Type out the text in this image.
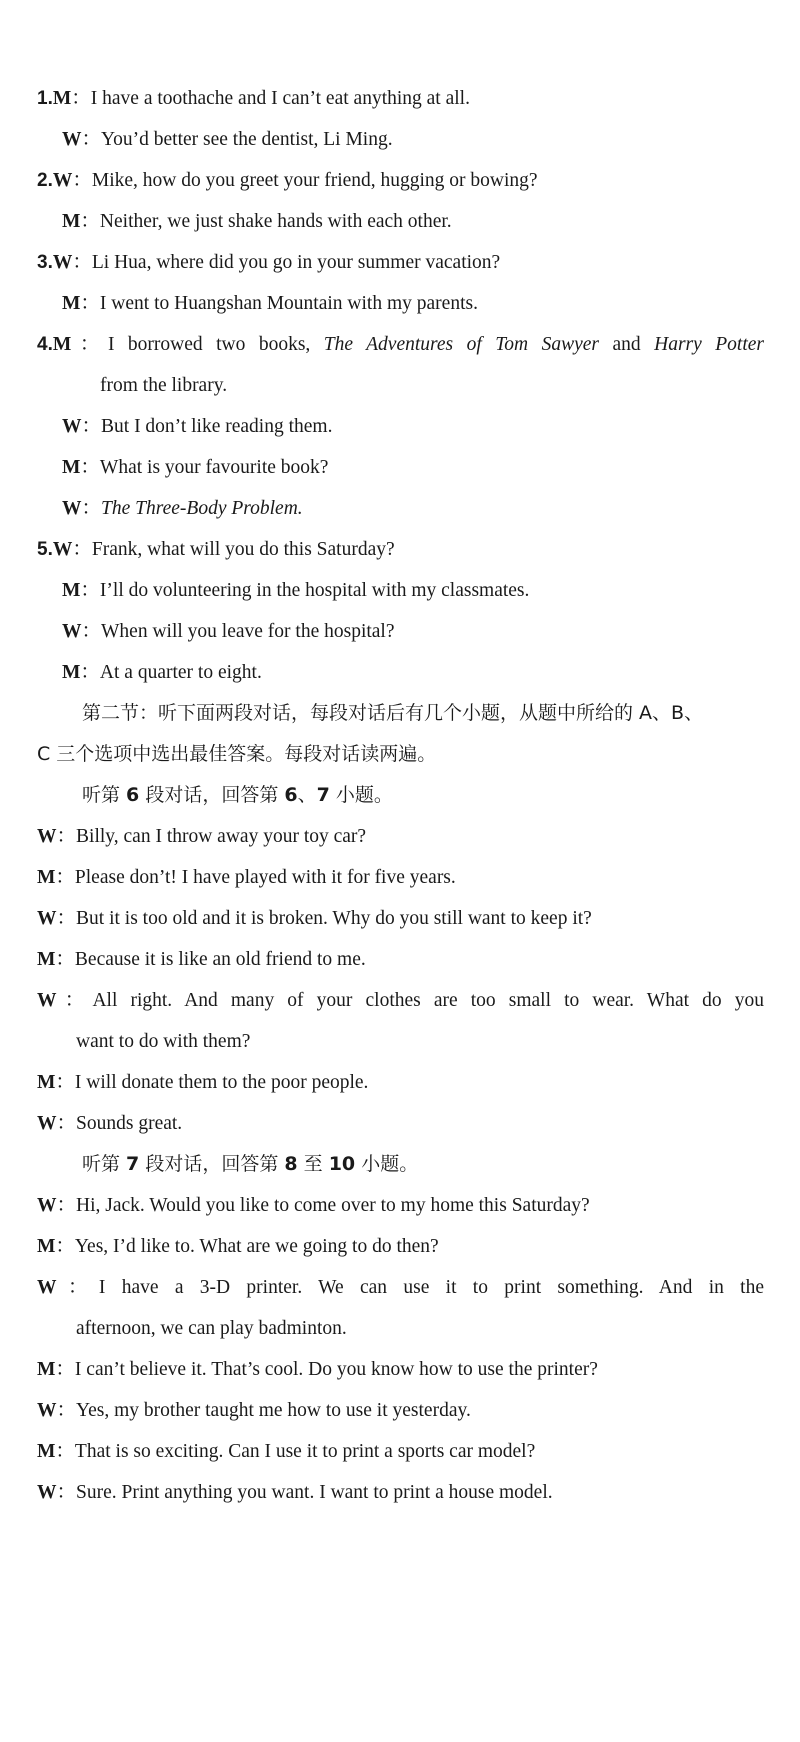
1.M：I have a toothache and I can’t eat anything at all.
W：You’d better see the dentist, Li Ming.
2.W：Mike, how do you greet your friend, hugging or bowing?
M：Neither, we just shake hands with each other.
3.W：Li Hua, where did you go in your summer vacation?
M：I went to Huangshan Mountain with my parents.
4.M：I borrowed two books, The Adventures of Tom Sawyer and Harry Potter
from the library.
W：But I don’t like reading them.
M：What is your favourite book?
W：The Three-Body Problem.
5.W：Frank, what will you do this Saturday?
M：I’ll do volunteering in the hospital with my classmates.
W：When will you leave for the hospital?
M：At a quarter to eight.
第二节：听下面两段对话，每段对话后有几个小题，从题中所给的 A、B、
C 三个选项中选出最佳答案。每段对话读两遍。
听第 6 段对话，回答第 6、7 小题。
W：Billy, can I throw away your toy car?
M：Please don’t! I have played with it for five years.
W：But it is too old and it is broken. Why do you still want to keep it?
M：Because it is like an old friend to me.
W：All right. And many of your clothes are too small to wear. What do you
want to do with them?
M：I will donate them to the poor people.
W：Sounds great.
听第 7 段对话，回答第 8 至 10 小题。
W：Hi, Jack. Would you like to come over to my home this Saturday?
M：Yes, I’d like to. What are we going to do then?
W：I have a 3-D printer. We can use it to print something. And in the
afternoon, we can play badminton.
M：I can’t believe it. That’s cool. Do you know how to use the printer?
W：Yes, my brother taught me how to use it yesterday.
M：That is so exciting. Can I use it to print a sports car model?
W：Sure. Print anything you want. I want to print a house model.
